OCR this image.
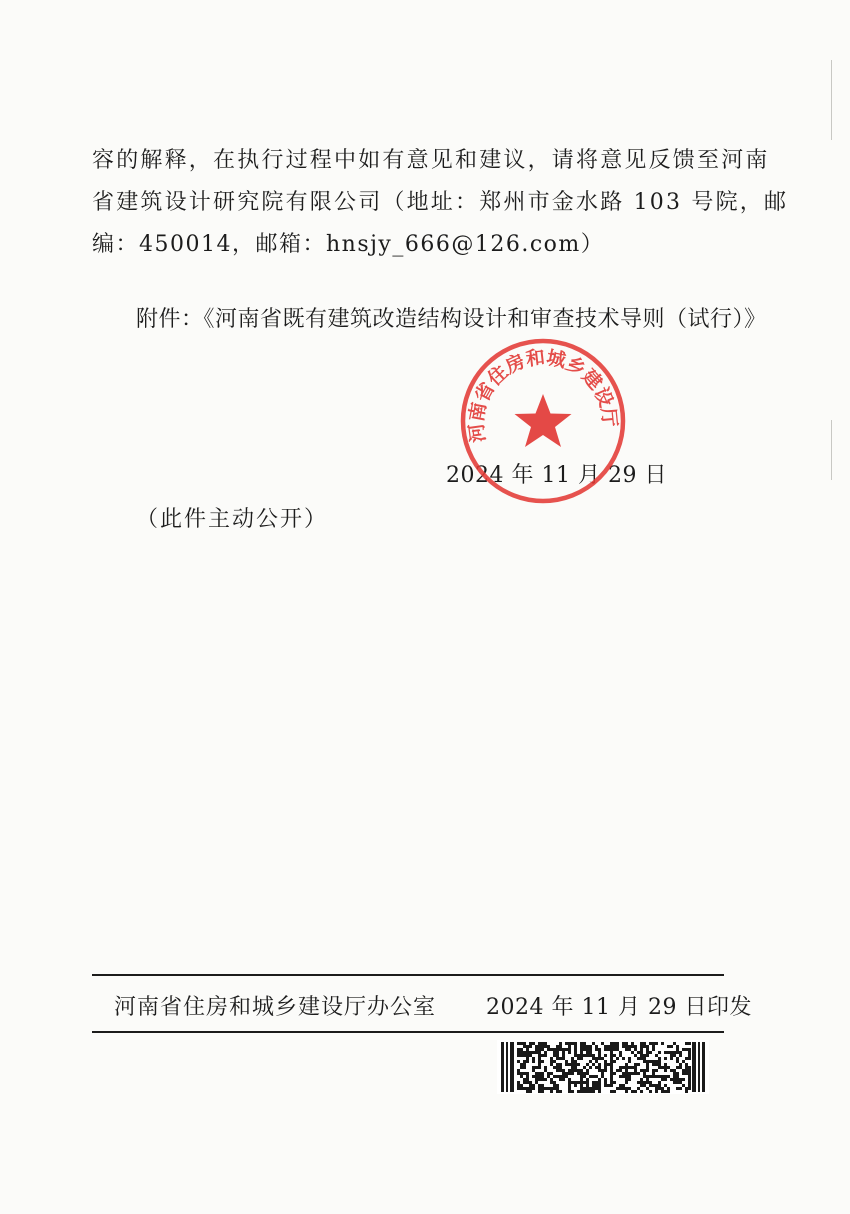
容的解释，在执行过程中如有意见和建议，请将意见反馈至河南
省建筑设计研究院有限公司（地址：郑州市金水路 103 号院，邮
编：450014，邮箱：hnsjy_666@126.com）
附件：《河南省既有建筑改造结构设计和审查技术导则（试行）》
2024 年 11 月 29 日
河南省住房和城乡建设厅
（此件主动公开）
河南省住房和城乡建设厅办公室 2024 年 11 月 29 日印发
